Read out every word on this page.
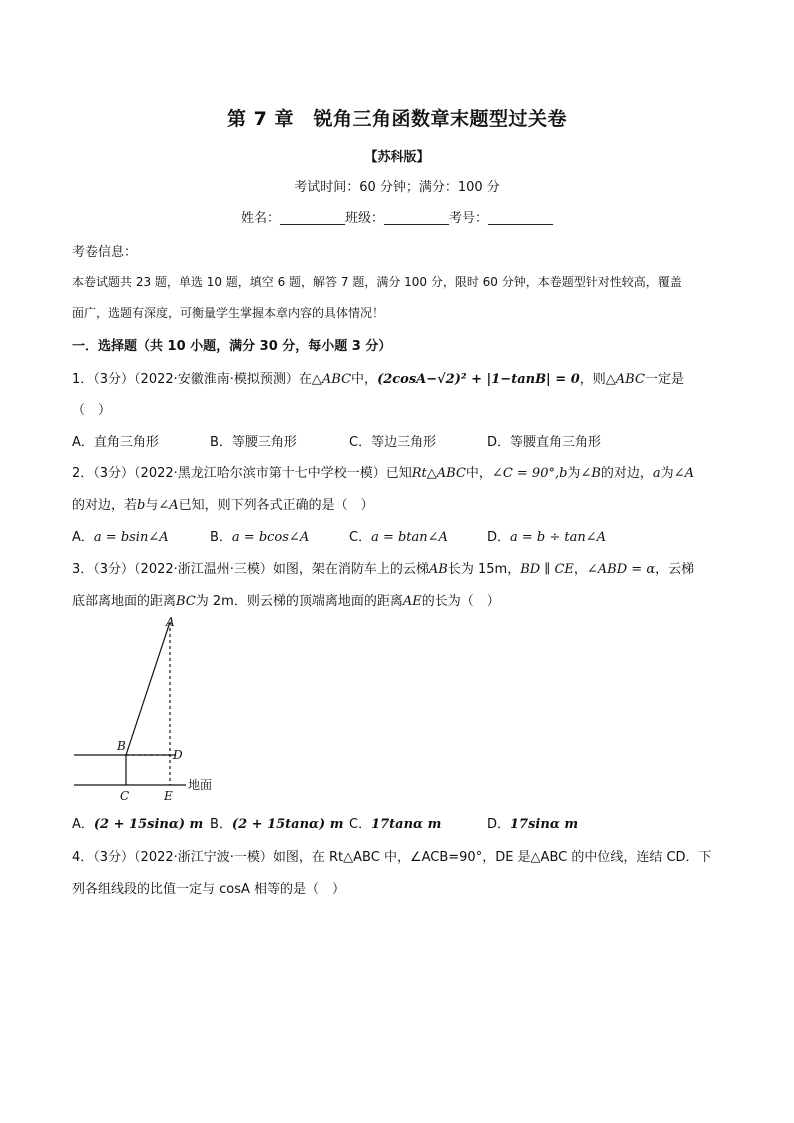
第 7 章　锐角三角函数章末题型过关卷
【苏科版】
考试时间：60 分钟；满分：100 分
姓名：__________班级：__________考号：__________
考卷信息：
本卷试题共 23 题，单选 10 题，填空 6 题，解答 7 题，满分 100 分，限时 60 分钟，本卷题型针对性较高，覆盖
面广，选题有深度，可衡量学生掌握本章内容的具体情况！
一．选择题（共 10 小题，满分 30 分，每小题 3 分）
1．（3分）（2022·安徽淮南·模拟预测）在△ABC中，(2cosA−√2)² + |1−tanB| = 0，则△ABC一定是
（　）
A．直角三角形	B．等腰三角形	C．等边三角形	D．等腰直角三角形
2．（3分）（2022·黑龙江哈尔滨市第十七中学校一模）已知Rt△ABC中，∠C = 90°,b为∠B的对边，a为∠A
的对边，若b与∠A已知，则下列各式正确的是（　）
A．a = bsin∠A	B．a = bcos∠A	C．a = btan∠A	D．a = b ÷ tan∠A
3．（3分）（2022·浙江温州·三模）如图，架在消防车上的云梯AB长为 15m，BD ∥ CE，∠ABD = α，云梯
底部离地面的距离BC为 2m．则云梯的顶端离地面的距离AE的长为（　）
A
B
D
C	E
地面
A．(2 + 15sinα) m B．(2 + 15tanα) m C．17tanα m	D．17sinα m
4．（3分）（2022·浙江宁波·一模）如图，在 Rt△ABC 中，∠ACB=90°，DE 是△ABC 的中位线，连结 CD．下
列各组线段的比值一定与 cosA 相等的是（　）
